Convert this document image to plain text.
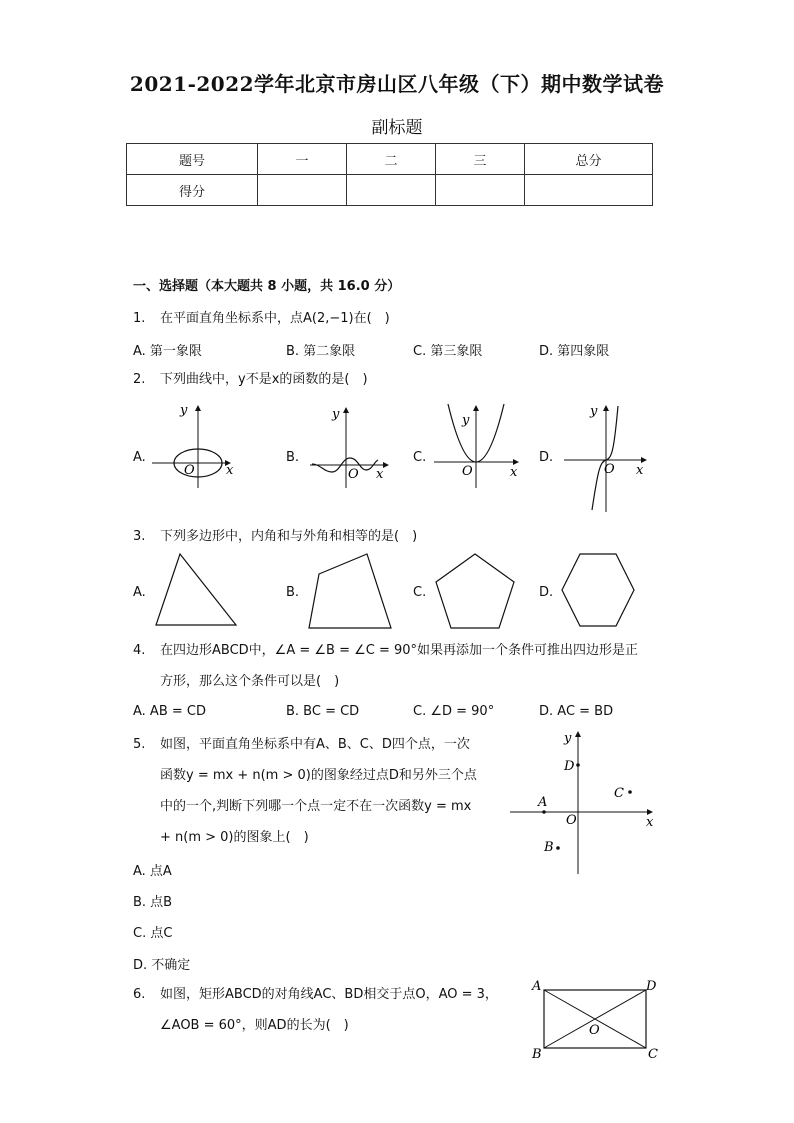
2021-2022学年北京市房山区八年级（下）期中数学试卷
副标题
题号	一	二	三	总分
得分				
一、选择题（本大题共 8 小题，共 16.0 分）
1. 在平面直角坐标系中，点A(2,−1)在(　)
A. 第一象限	B. 第二象限	C. 第三象限	D. 第四象限
2. 下列曲线中，y不是x的函数的是(　)
A.	B.	C.	D.
y
O x
y
O x
y
O	x
y
O x
3. 下列多边形中，内角和与外角和相等的是(　)
A.	B.	C.	D.
4. 在四边形ABCD中，∠A = ∠B = ∠C = 90°如果再添加一个条件可推出四边形是正
方形，那么这个条件可以是(　)
A. AB = CD	B. BC = CD	C. ∠D = 90°	D. AC = BD
5. 如图，平面直角坐标系中有A、B、C、D四个点，一次
函数y = mx + n(m > 0)的图象经过点D和另外三个点
中的一个,判断下列哪一个点一定不在一次函数y = mx
+ n(m > 0)的图象上(　)
A. 点A
B. 点B
C. 点C
D. 不确定
y
x
O
D
C
A
B
6. 如图，矩形ABCD的对角线AC、BD相交于点O，AO = 3，
∠AOB = 60°，则AD的长为(　)
A	D
B	C
O
